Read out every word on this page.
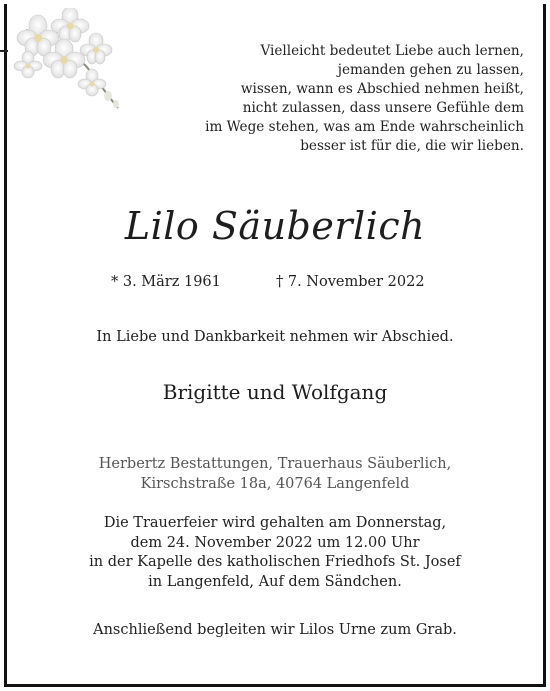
Vielleicht bedeutet Liebe auch lernen,
jemanden gehen zu lassen,
wissen, wann es Abschied nehmen heißt,
nicht zulassen, dass unsere Gefühle dem
im Wege stehen, was am Ende wahrscheinlich
besser ist für die, die wir lieben.
Lilo Säuberlich
* 3. März 1961	† 7. November 2022
In Liebe und Dankbarkeit nehmen wir Abschied.
Brigitte und Wolfgang
Herbertz Bestattungen, Trauerhaus Säuberlich,
Kirschstraße 18a, 40764 Langenfeld
Die Trauerfeier wird gehalten am Donnerstag,
dem 24. November 2022 um 12.00 Uhr
in der Kapelle des katholischen Friedhofs St. Josef
in Langenfeld, Auf dem Sändchen.
Anschließend begleiten wir Lilos Urne zum Grab.
